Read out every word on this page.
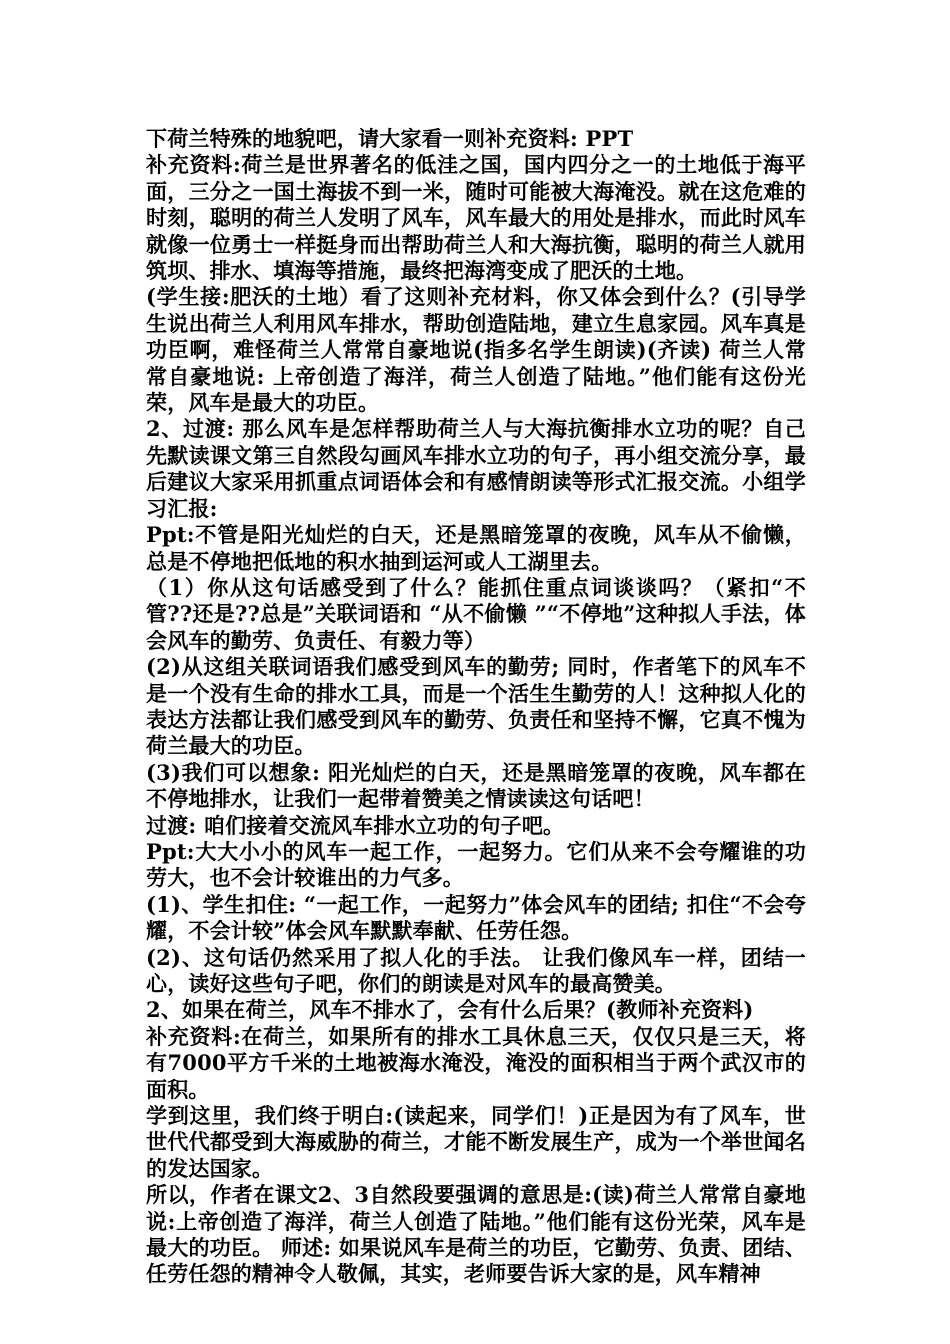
下荷兰特殊的地貌吧，请大家看一则补充资料: PPT

补充资料:荷兰是世界著名的低洼之国，国内四分之一的土地低于海平面，三分之一国土海拔不到一米，随时可能被大海淹没。就在这危难的时刻，聪明的荷兰人发明了风车，风车最大的用处是排水，而此时风车就像一位勇士一样挺身而出帮助荷兰人和大海抗衡，聪明的荷兰人就用筑坝、排水、填海等措施，最终把海湾变成了肥沃的土地。

(学生接:肥沃的土地）看了这则补充材料，你又体会到什么？(引导学生说出荷兰人利用风车排水，帮助创造陆地，建立生息家园。风车真是功臣啊，难怪荷兰人常常自豪地说(指多名学生朗读)(齐读) 荷兰人常常自豪地说: 上帝创造了海洋，荷兰人创造了陆地。”他们能有这份光荣，风车是最大的功臣。

2、过渡: 那么风车是怎样帮助荷兰人与大海抗衡排水立功的呢？自己先默读课文第三自然段勾画风车排水立功的句子，再小组交流分享，最后建议大家采用抓重点词语体会和有感情朗读等形式汇报交流。小组学习汇报:

Ppt:不管是阳光灿烂的白天，还是黑暗笼罩的夜晚，风车从不偷懒，总是不停地把低地的积水抽到运河或人工湖里去。

（1）你从这句话感受到了什么？能抓住重点词谈谈吗？（紧扣“不管??还是??总是”关联词语和 “从不偷懒 ”“不停地”这种拟人手法，体会风车的勤劳、负责任、有毅力等）

(2)从这组关联词语我们感受到风车的勤劳; 同时，作者笔下的风车不是一个没有生命的排水工具，而是一个活生生勤劳的人！这种拟人化的表达方法都让我们感受到风车的勤劳、负责任和坚持不懈，它真不愧为荷兰最大的功臣。

(3)我们可以想象: 阳光灿烂的白天，还是黑暗笼罩的夜晚，风车都在不停地排水，让我们一起带着赞美之情读读这句话吧！

过渡: 咱们接着交流风车排水立功的句子吧。

Ppt:大大小小的风车一起工作，一起努力。它们从来不会夸耀谁的功劳大，也不会计较谁出的力气多。

(1)、学生扣住: “一起工作，一起努力”体会风车的团结; 扣住“不会夸耀，不会计较”体会风车默默奉献、任劳任怨。

(2)、这句话仍然采用了拟人化的手法。 让我们像风车一样，团结一心，读好这些句子吧，你们的朗读是对风车的最高赞美。

2、如果在荷兰，风车不排水了，会有什么后果？(教师补充资料)

补充资料:在荷兰，如果所有的排水工具休息三天，仅仅只是三天，将有7000平方千米的土地被海水淹没，淹没的面积相当于两个武汉市的面积。

学到这里，我们终于明白:(读起来，同学们！)正是因为有了风车，世世代代都受到大海威胁的荷兰，才能不断发展生产，成为一个举世闻名的发达国家。

所以，作者在课文2、3自然段要强调的意思是:(读)荷兰人常常自豪地说:上帝创造了海洋，荷兰人创造了陆地。”他们能有这份光荣，风车是最大的功臣。 师述: 如果说风车是荷兰的功臣，它勤劳、负责、团结、任劳任怨的精神令人敬佩，其实，老师要告诉大家的是，风车精神
